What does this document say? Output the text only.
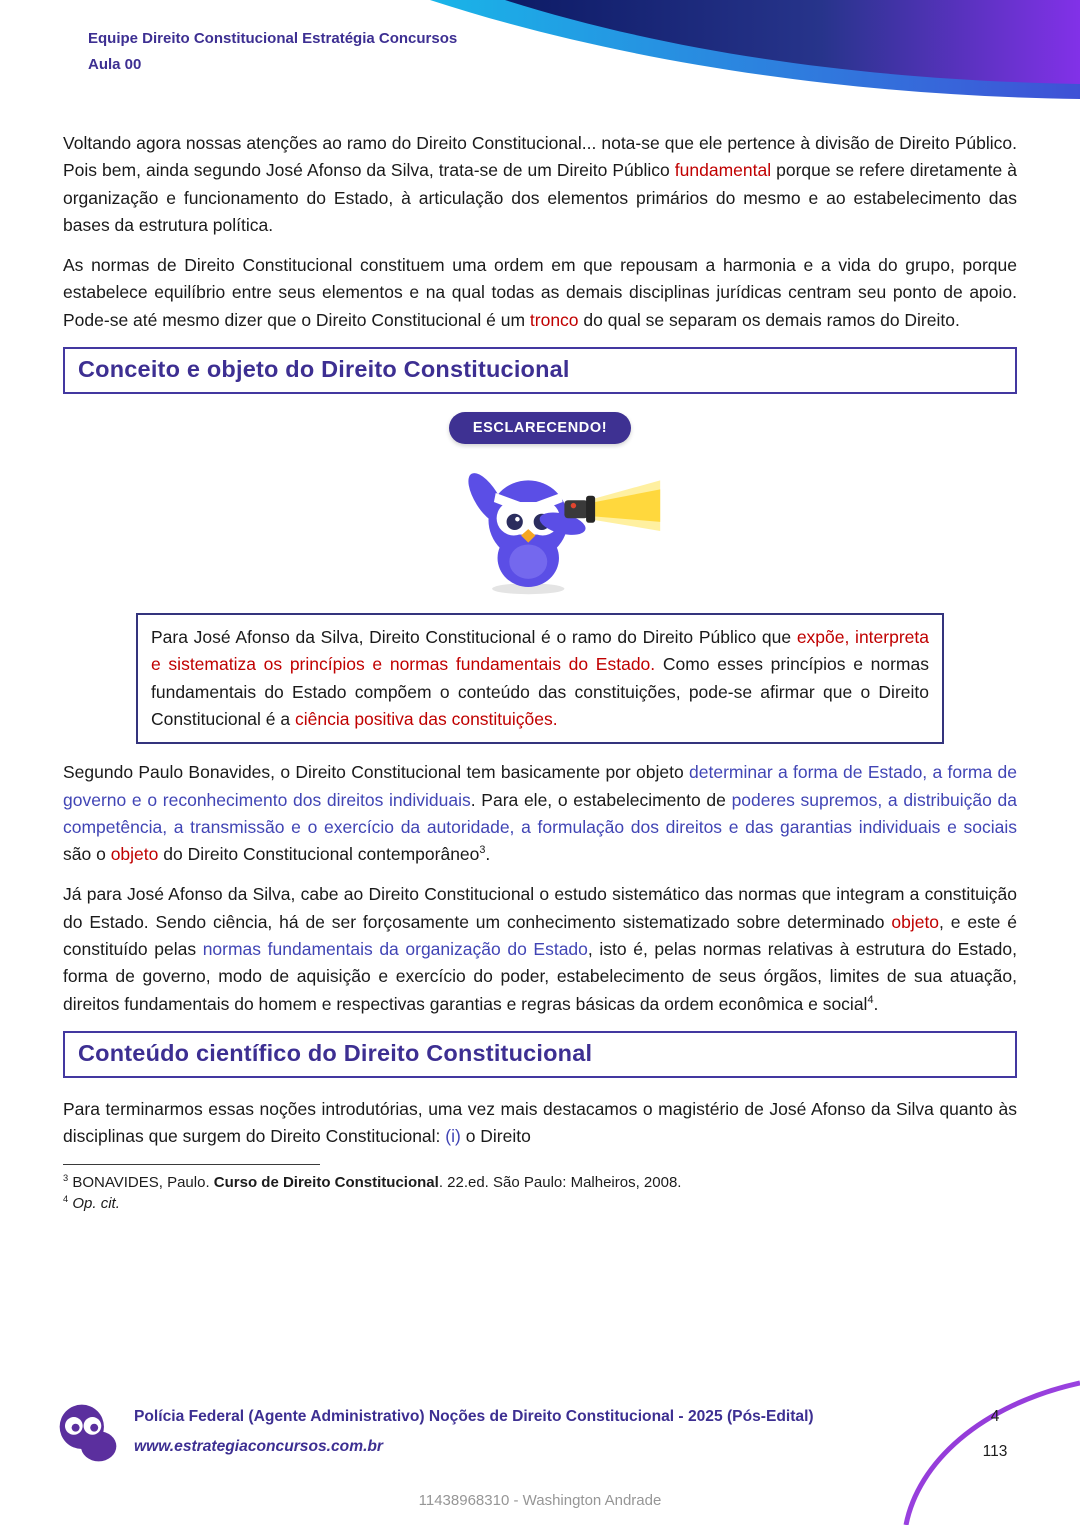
Equipe Direito Constitucional Estratégia Concursos
Aula 00

Voltando agora nossas atenções ao ramo do Direito Constitucional... nota-se que ele pertence à divisão de Direito Público. Pois bem, ainda segundo José Afonso da Silva, trata-se de um Direito Público fundamental porque se refere diretamente à organização e funcionamento do Estado, à articulação dos elementos primários do mesmo e ao estabelecimento das bases da estrutura política.

As normas de Direito Constitucional constituem uma ordem em que repousam a harmonia e a vida do grupo, porque estabelece equilíbrio entre seus elementos e na qual todas as demais disciplinas jurídicas centram seu ponto de apoio. Pode-se até mesmo dizer que o Direito Constitucional é um tronco do qual se separam os demais ramos do Direito.

Conceito e objeto do Direito Constitucional
ESCLARECENDO!
Para José Afonso da Silva, Direito Constitucional é o ramo do Direito Público que expõe, interpreta e sistematiza os princípios e normas fundamentais do Estado. Como esses princípios e normas fundamentais do Estado compõem o conteúdo das constituições, pode-se afirmar que o Direito Constitucional é a ciência positiva das constituições.

Segundo Paulo Bonavides, o Direito Constitucional tem basicamente por objeto determinar a forma de Estado, a forma de governo e o reconhecimento dos direitos individuais. Para ele, o estabelecimento de poderes supremos, a distribuição da competência, a transmissão e o exercício da autoridade, a formulação dos direitos e das garantias individuais e sociais são o objeto do Direito Constitucional contemporâneo$^3$.

Já para José Afonso da Silva, cabe ao Direito Constitucional o estudo sistemático das normas que integram a constituição do Estado. Sendo ciência, há de ser forçosamente um conhecimento sistematizado sobre determinado objeto, e este é constituído pelas normas fundamentais da organização do Estado, isto é, pelas normas relativas à estrutura do Estado, forma de governo, modo de aquisição e exercício do poder, estabelecimento de seus órgãos, limites de sua atuação, direitos fundamentais do homem e respectivas garantias e regras básicas da ordem econômica e social$^4$.

Conteúdo científico do Direito Constitucional

Para terminarmos essas noções introdutórias, uma vez mais destacamos o magistério de José Afonso da Silva quanto às disciplinas que surgem do Direito Constitucional: (i) o Direito

$^3$ BONAVIDES, Paulo. Curso de Direito Constitucional. 22.ed. São Paulo: Malheiros, 2008.
$^4$ Op. cit.
Polícia Federal (Agente Administrativo) Noções de Direito Constitucional - 2025 (Pós-Edital)
www.estrategiaconcursos.com.br
4
113
11438968310 - Washington Andrade
